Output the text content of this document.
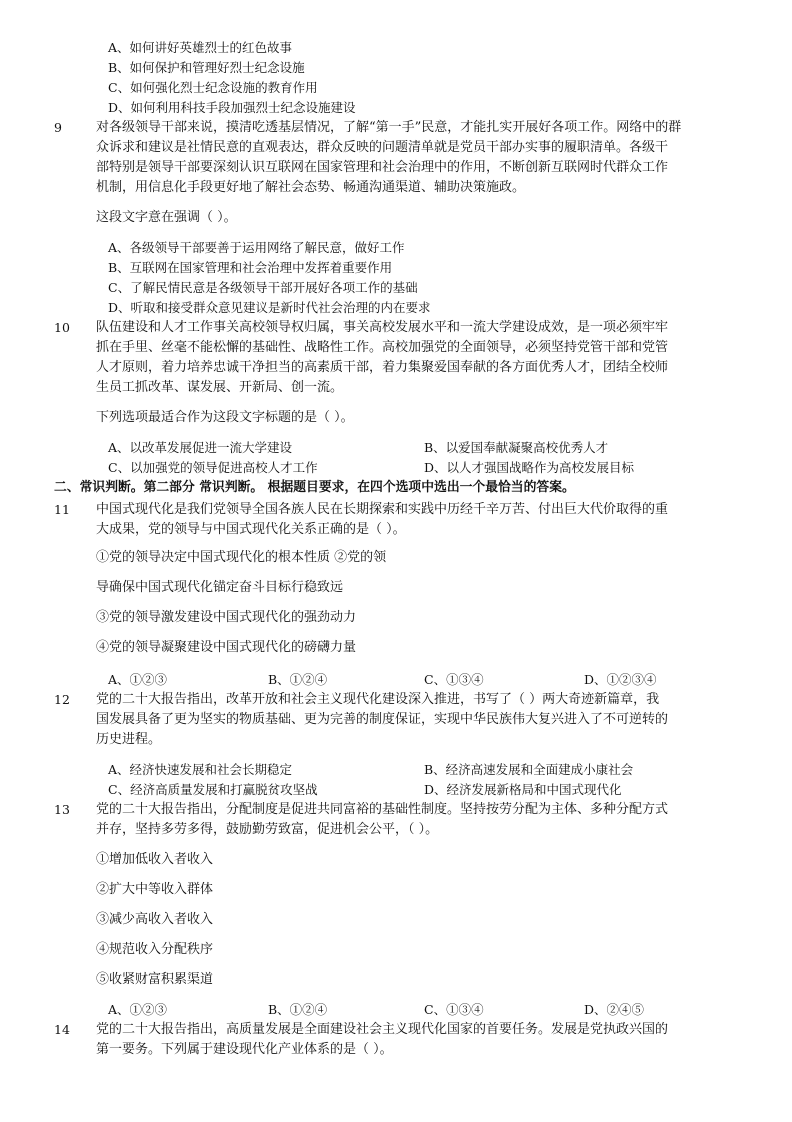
A、如何讲好英雄烈士的红色故事
B、如何保护和管理好烈士纪念设施
C、如何强化烈士纪念设施的教育作用
D、如何利用科技手段加强烈士纪念设施建设
9	对各级领导干部来说，摸清吃透基层情况，了解“第一手”民意，才能扎实开展好各项工作。网络中的群
众诉求和建议是社情民意的直观表达，群众反映的问题清单就是党员干部办实事的履职清单。各级干
部特别是领导干部要深刻认识互联网在国家管理和社会治理中的作用，不断创新互联网时代群众工作
机制，用信息化手段更好地了解社会态势、畅通沟通渠道、辅助决策施政。
这段文字意在强调（ ）。
A、各级领导干部要善于运用网络了解民意，做好工作
B、互联网在国家管理和社会治理中发挥着重要作用
C、了解民情民意是各级领导干部开展好各项工作的基础
D、听取和接受群众意见建议是新时代社会治理的内在要求
10 队伍建设和人才工作事关高校领导权归属，事关高校发展水平和一流大学建设成效，是一项必须牢牢
抓在手里、丝毫不能松懈的基础性、战略性工作。高校加强党的全面领导，必须坚持党管干部和党管
人才原则，着力培养忠诚干净担当的高素质干部，着力集聚爱国奉献的各方面优秀人才，团结全校师
生员工抓改革、谋发展、开新局、创一流。
下列选项最适合作为这段文字标题的是（ ）。
A、以改革发展促进一流大学建设	B、以爱国奉献凝聚高校优秀人才
C、以加强党的领导促进高校人才工作	D、以人才强国战略作为高校发展目标
二、常识判断。第二部分 常识判断。 根据题目要求，在四个选项中选出一个最恰当的答案。
11 中国式现代化是我们党领导全国各族人民在长期探索和实践中历经千辛万苦、付出巨大代价取得的重
大成果，党的领导与中国式现代化关系正确的是（ ）。
①党的领导决定中国式现代化的根本性质 ②党的领
导确保中国式现代化锚定奋斗目标行稳致远
③党的领导激发建设中国式现代化的强劲动力
④党的领导凝聚建设中国式现代化的磅礴力量
A、①②③	B、①②④	C、①③④	D、①②③④
12 党的二十大报告指出，改革开放和社会主义现代化建设深入推进，书写了（ ）两大奇迹新篇章，我
国发展具备了更为坚实的物质基础、更为完善的制度保证，实现中华民族伟大复兴进入了不可逆转的
历史进程。
A、经济快速发展和社会长期稳定	B、经济高速发展和全面建成小康社会
C、经济高质量发展和打赢脱贫攻坚战	D、经济发展新格局和中国式现代化
13 党的二十大报告指出，分配制度是促进共同富裕的基础性制度。坚持按劳分配为主体、多种分配方式
并存，坚持多劳多得，鼓励勤劳致富，促进机会公平，（ ）。
①增加低收入者收入
②扩大中等收入群体
③减少高收入者收入
④规范收入分配秩序
⑤收紧财富积累渠道
A、①②③	B、①②④	C、①③④	D、②④⑤
14 党的二十大报告指出，高质量发展是全面建设社会主义现代化国家的首要任务。发展是党执政兴国的
第一要务。下列属于建设现代化产业体系的是（ ）。
